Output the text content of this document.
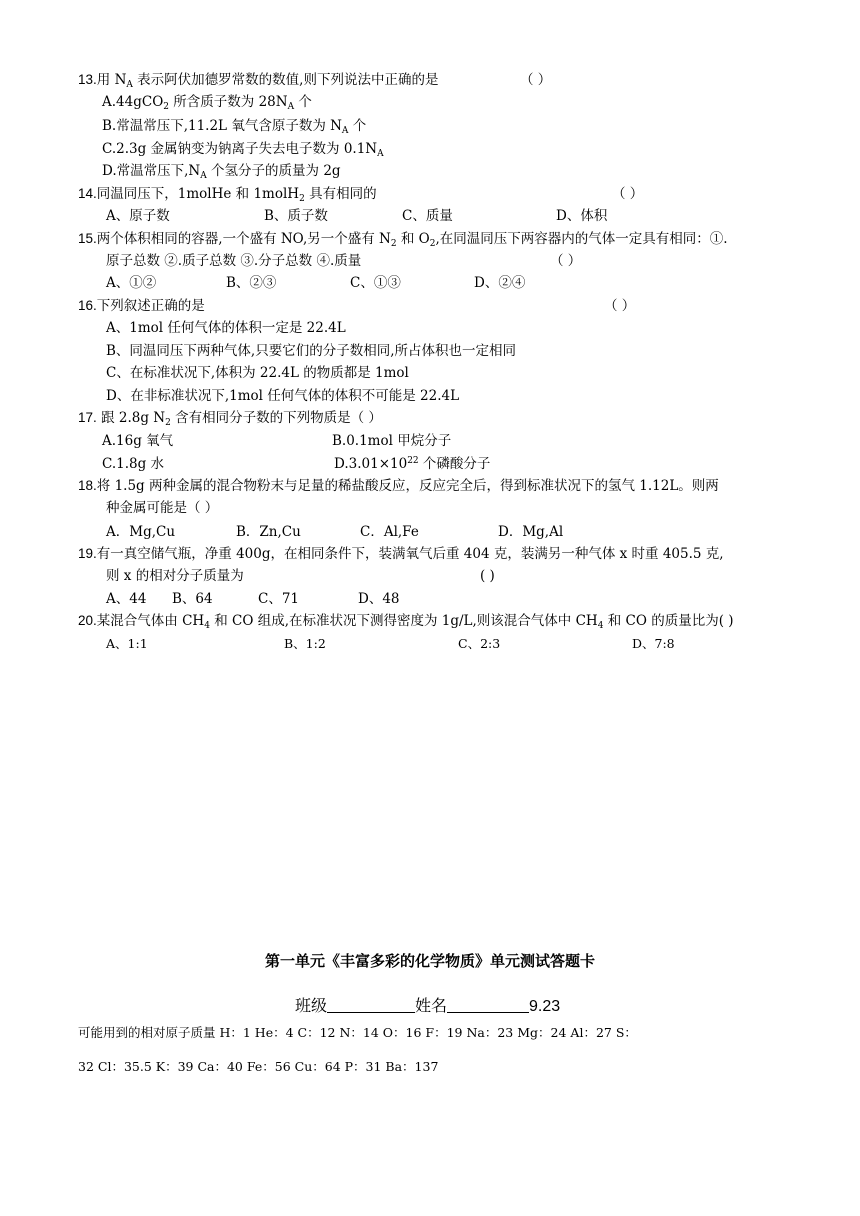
13.用 $N_A$ 表示阿伏加德罗常数的数值,则下列说法中正确的是	（ ）
A.44gCO$_2$ 所含质子数为 $28N_A$ 个
B.常温常压下,11.2L 氧气含原子数为 $N_A$ 个
C.2.3g 金属钠变为钠离子失去电子数为 $0.1N_A$
D.常温常压下$,N_A$ 个氢分子的质量为 2g
14.同温同压下，1molHe 和 1molH$_2$ 具有相同的	（ ）
A、原子数	B、质子数	C、质量	D、体积
15.两个体积相同的容器,一个盛有 NO,另一个盛有 $N_2$ 和 $O_2$,在同温同压下两容器内的气体一定具有相同：①.
原子总数 ②.质子总数 ③.分子总数 ④.质量	（ ）
A、①②	B、②③	C、①③	D、②④
16.下列叙述正确的是	（ ）
A、1mol 任何气体的体积一定是 22.4L
B、同温同压下两种气体,只要它们的分子数相同,所占体积也一定相同
C、在标准状况下,体积为 22.4L 的物质都是 1mol
D、在非标准状况下,1mol 任何气体的体积不可能是 22.4L
17. 跟 2.8g $N_2$ 含有相同分子数的下列物质是（ ）
A.16g 氧气	B.0.1mol 甲烷分子
C.1.8g 水	$D.3.01\times 10^{22}$ 个磷酸分子
18.将 1.5g 两种金属的混合物粉末与足量的稀盐酸反应，反应完全后，得到标准状况下的氢气 1.12L。则两
种金属可能是（ ）
A．Mg,Cu	B．Zn,Cu	C．Al,Fe	D．Mg,Al
19.有一真空储气瓶，净重 400g，在相同条件下，装满氧气后重 404 克，装满另一种气体 x 时重 405.5 克,
则 x 的相对分子质量为	( )
A、44 B、64	C、71	D、48
20.某混合气体由 $CH_4$ 和 CO 组成,在标准状况下测得密度为 1g/L,则该混合气体中 $CH_4$ 和 CO 的质量比为( )
A、1:1	B、1:2	C、2:3	D、7:8
第一单元《丰富多彩的化学物质》单元测试答题卡
班级	姓名	9.23
可能用到的相对原子质量 H：1 He：4 C：12 N：14 O：16 F：19 Na：23 Mg：24 Al：27 S：
32 Cl：35.5 K：39 Ca：40 Fe：56 Cu：64 P：31 Ba：137
